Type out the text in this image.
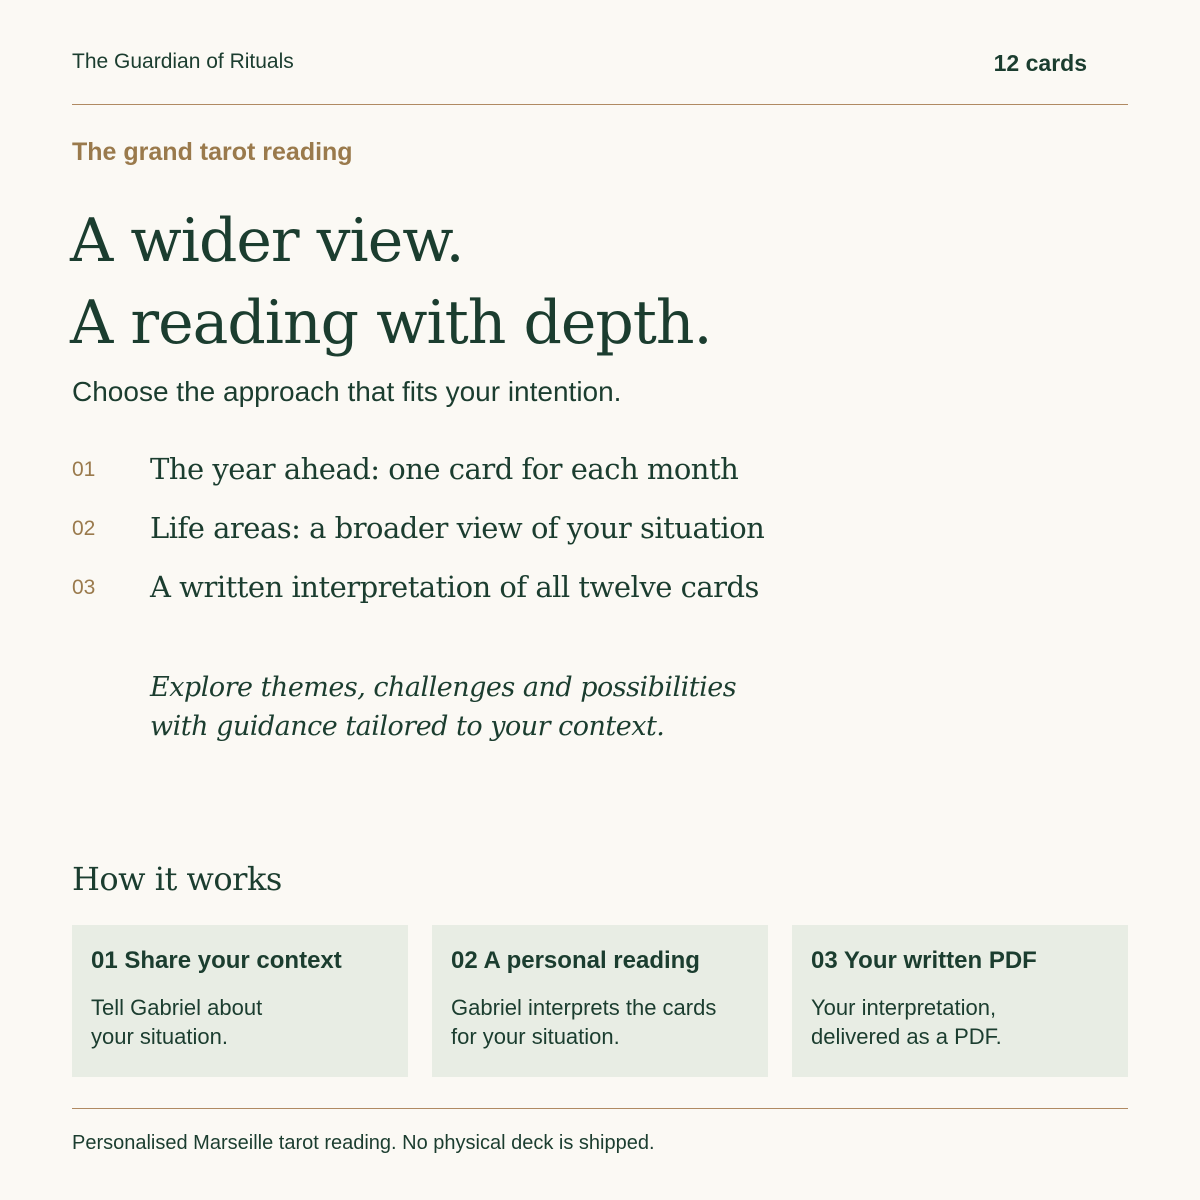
The Guardian of Rituals	12 cards
The grand tarot reading
A wider view.
A reading with depth.
Choose the approach that fits your intention.
01 The year ahead: one card for each month
02 Life areas: a broader view of your situation
03 A written interpretation of all twelve cards

Explore themes, challenges and possibilities
with guidance tailored to your context.

How it works
01 Share your context
Tell Gabriel about
your situation.
02 A personal reading
Gabriel interprets the cards
for your situation.
03 Your written PDF
Your interpretation,
delivered as a PDF.
Personalised Marseille tarot reading. No physical deck is shipped.
